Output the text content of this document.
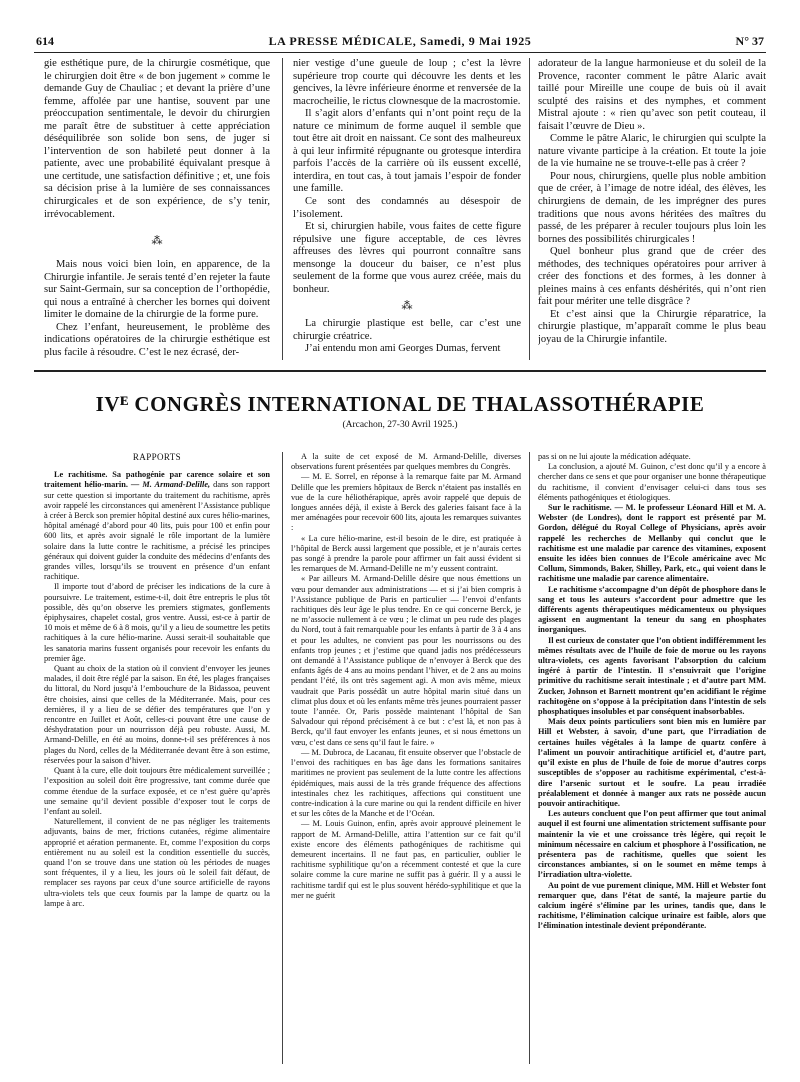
614	LA PRESSE MÉDICALE, Samedi, 9 Mai 1925	N° 37

gie esthétique pure, de la chirurgie cosmétique, que le chirurgien doit être « de bon jugement » comme le demande Guy de Chauliac ; et devant la prière d’une femme, affolée par une hantise, souvent par une préoccupation sentimentale, le devoir du chirurgien me paraît être de substituer à cette appréciation déséquilibrée son solide bon sens, de juger si l’intervention de son habileté peut donner à la patiente, avec une probabilité équivalant presque à une certitude, une satisfaction définitive ; et, une fois sa décision prise à la lumière de ses connaissances chirurgicales et de son expérience, de s’y tenir, irrévocablement.

⁂

Mais nous voici bien loin, en apparence, de la Chirurgie infantile. Je serais tenté d’en rejeter la faute sur Saint-Germain, sur sa conception de l’orthopédie, qui nous a entraîné à chercher les bornes qui doivent limiter le domaine de la chirurgie de la forme pure.

Chez l’enfant, heureusement, le problème des indications opératoires de la chirurgie esthétique est plus facile à résoudre. C’est le nez écrasé, der-

nier vestige d’une gueule de loup ; c’est la lèvre supérieure trop courte qui découvre les dents et les gencives, la lèvre inférieure énorme et renversée de la macrocheilie, le rictus clownesque de la macrostomie.

Il s’agit alors d’enfants qui n’ont point reçu de la nature ce minimum de forme auquel il semble que tout être ait droit en naissant. Ce sont des malheureux à qui leur infirmité répugnante ou grotesque interdira parfois l’accès de la carrière où ils eussent excellé, interdira, en tout cas, à tout jamais l’espoir de fonder une famille.

Ce sont des condamnés au désespoir de l’isolement.

Et si, chirurgien habile, vous faites de cette figure répulsive une figure acceptable, de ces lèvres affreuses des lèvres qui pourront connaître sans mensonge la douceur du baiser, ce n’est plus seulement de la forme que vous aurez créée, mais du bonheur.

⁂

La chirurgie plastique est belle, car c’est une chirurgie créatrice.

J’ai entendu mon ami Georges Dumas, fervent

adorateur de la langue harmonieuse et du soleil de la Provence, raconter comment le pâtre Alaric avait taillé pour Mireille une coupe de buis où il avait sculpté des raisins et des nymphes, et comment Mistral ajoute : « rien qu’avec son petit couteau, il faisait l’œuvre de Dieu ».

Comme le pâtre Alaric, le chirurgien qui sculpte la nature vivante participe à la création. Et toute la joie de la vie humaine ne se trouve-t-elle pas à créer ?

Pour nous, chirurgiens, quelle plus noble ambition que de créer, à l’image de notre idéal, des élèves, les chirurgiens de demain, de les imprégner des pures traditions que nous avons héritées des maîtres du passé, de les préparer à reculer toujours plus loin les bornes des possibilités chirurgicales !

Quel bonheur plus grand que de créer des méthodes, des techniques opératoires pour arriver à créer des fonctions et des formes, à les donner à pleines mains à ces enfants déshérités, qui n’ont rien fait pour mériter une telle disgrâce ?

Et c’est ainsi que la Chirurgie réparatrice, la chirurgie plastique, m’apparaît comme le plus beau joyau de la Chirurgie infantile.

IVᴱ CONGRÈS INTERNATIONAL DE THALASSOTHÉRAPIE
(Arcachon, 27-30 Avril 1925.)

RAPPORTS

Le rachitisme. Sa pathogénie par carence solaire et son traitement hélio-marin. — M. Armand-Delille, dans son rapport sur cette question si importante du traitement du rachitisme, après avoir rappelé les circonstances qui amenèrent l’Assistance publique à créer à Berck son premier hôpital destiné aux cures hélio-marines, hôpital aménagé d’abord pour 40 lits, puis pour 100 et enfin pour 600 lits, et après avoir signalé le rôle important de la lumière solaire dans la lutte contre le rachitisme, a précisé les principes généraux qui doivent guider la conduite des médecins d’enfants des grandes villes, lorsqu’ils se trouvent en présence d’un enfant rachitique.

Il importe tout d’abord de préciser les indications de la cure à poursuivre. Le traitement, estime-t-il, doit être entrepris le plus tôt possible, dès qu’on observe les premiers stigmates, gonflements épiphysaires, chapelet costal, gros ventre. Aussi, est-ce à partir de 10 mois et même de 6 à 8 mois, qu’il y a lieu de soumettre les petits rachitiques à la cure hélio-marine. Aussi serait-il souhaitable que les sanatoria marins fussent organisés pour recevoir les enfants du premier âge.

Quant au choix de la station où il convient d’envoyer les jeunes malades, il doit être réglé par la saison. En été, les plages françaises du littoral, du Nord jusqu’à l’embouchure de la Bidassoa, peuvent être choisies, ainsi que celles de la Méditerranée. Mais, pour ces dernières, il y a lieu de se défier des températures que l’on y rencontre en Juillet et Août, celles-ci pouvant être une cause de déshydratation pour un nourrisson déjà peu robuste. Aussi, M. Armand-Delille, en été au moins, donne-t-il ses préférences à nos plages du Nord, celles de la Méditerranée devant être à son estime, réservées pour la saison d’hiver.

Quant à la cure, elle doit toujours être médicalement surveillée ; l’exposition au soleil doit être progressive, tant comme durée que comme étendue de la surface exposée, et ce n’est guère qu’après une semaine qu’il devient possible d’exposer tout le corps de l’enfant au soleil.

Naturellement, il convient de ne pas négliger les traitements adjuvants, bains de mer, frictions cutanées, régime alimentaire approprié et aération permanente. Et, comme l’exposition du corps entièrement nu au soleil est la condition essentielle du succès, quand l’on se trouve dans une station où les périodes de nuages sont fréquentes, il y a lieu, les jours où le soleil fait défaut, de remplacer ses rayons par ceux d’une source artificielle de rayons ultra-violets tels que ceux fournis par la lampe de quartz ou la lampe à arc.

A la suite de cet exposé de M. Armand-Delille, diverses observations furent présentées par quelques membres du Congrès.

— M. E. Sorrel, en réponse à la remarque faite par M. Armand Delille que les premiers hôpitaux de Berck n’étaient pas installés en vue de la cure héliothérapique, après avoir rappelé que depuis de longues années déjà, il existe à Berck des galeries faisant face à la mer aménagées pour recevoir 600 lits, ajouta les remarques suivantes :

« La cure hélio-marine, est-il besoin de le dire, est pratiquée à l’hôpital de Berck aussi largement que possible, et je n’aurais certes pas songé à prendre la parole pour affirmer un fait aussi évident si les remarques de M. Armand-Delille ne m’y eussent contraint.

« Par ailleurs M. Armand-Delille désire que nous émettions un vœu pour demander aux administrations — et si j’ai bien compris à l’Assistance publique de Paris en particulier — l’envoi d’enfants rachitiques dès leur âge le plus tendre. En ce qui concerne Berck, je ne m’associe nullement à ce vœu ; le climat un peu rude des plages du Nord, tout à fait remarquable pour les enfants à partir de 3 à 4 ans et pour les adultes, ne convient pas pour les nourrissons ou des enfants trop jeunes ; et j’estime que quand jadis nos prédécesseurs ont demandé à l’Assistance publique de n’envoyer à Berck que des enfants âgés de 4 ans au moins pendant l’hiver, et de 2 ans au moins pendant l’été, ils ont très sagement agi. A mon avis même, mieux vaudrait que Paris possédât un autre hôpital marin situé dans un climat plus doux et où les enfants même très jeunes pourraient passer toute l’année. Or, Paris possède maintenant l’hôpital de San Salvadour qui répond précisément à ce but : c’est là, et non pas à Berck, qu’il faut envoyer les enfants jeunes, et si nous émettons un vœu, c’est dans ce sens qu’il faut le faire. »

— M. Dubroca, de Lacanau, fit ensuite observer que l’obstacle de l’envoi des rachitiques en bas âge dans les formations sanitaires maritimes ne provient pas seulement de la lutte contre les affections épidémiques, mais aussi de la très grande fréquence des affections intestinales chez les rachitiques, affections qui constituent une contre-indication à la cure marine ou qui la rendent difficile en hiver et sur les côtes de la Manche et de l’Océan.

— M. Louis Guinon, enfin, après avoir approuvé pleinement le rapport de M. Armand-Delille, attira l’attention sur ce fait qu’il existe encore des éléments pathogéniques de rachitisme qui demeurent incertains. Il ne faut pas, en particulier, oublier le rachitisme syphilitique qu’on a récemment contesté et que la cure solaire comme la cure marine ne suffit pas à guérir. Il y a aussi le rachitisme tardif qui est le plus souvent hérédo-syphilitique et que la mer ne guérit

pas si on ne lui ajoute la médication adéquate.

La conclusion, a ajouté M. Guinon, c’est donc qu’il y a encore à chercher dans ce sens et que pour organiser une bonne thérapeutique du rachitisme, il convient d’envisager celui-ci dans tous ses éléments pathogéniques et étiologiques.

Sur le rachitisme. — M. le professeur Léonard Hill et M. A. Webster (de Londres), dont le rapport est présenté par M. Gordon, délégué du Royal College of Physicians, après avoir rappelé les recherches de Mellanby qui conclut que le rachitisme est une maladie par carence des vitamines, exposent ensuite les idées bien connues de l’Ecole américaine avec Mc Collum, Simmonds, Baker, Shilley, Park, etc., qui voient dans le rachitisme une maladie par carence alimentaire.

Le rachitisme s’accompagne d’un dépôt de phosphore dans le sang et tous les auteurs s’accordent pour admettre que les différents agents thérapeutiques médicamenteux ou physiques agissent en augmentant la teneur du sang en phosphates inorganiques.

Il est curieux de constater que l’on obtient indifféremment les mêmes résultats avec de l’huile de foie de morue ou les rayons ultra-violets, ces agents favorisant l’absorption du calcium ingéré à partir de l’intestin. Il s’ensuivrait que l’origine primitive du rachitisme serait intestinale ; et d’autre part MM. Zucker, Johnson et Barnett montrent qu’en acidifiant le régime rachitogène on s’oppose à la précipitation dans l’intestin de sels phosphatiques insolubles et par conséquent inabsorbables.

Mais deux points particuliers sont bien mis en lumière par Hill et Webster, à savoir, d’une part, que l’irradiation de certaines huiles végétales à la lampe de quartz confère à l’aliment un pouvoir antirachitique artificiel et, d’autre part, qu’il existe en plus de l’huile de foie de morue d’autres corps susceptibles de s’opposer au rachitisme expérimental, c’est-à-dire l’arsenic surtout et le soufre. La peau irradiée préalablement et donnée à manger aux rats ne possède aucun pouvoir antirachitique.

Les auteurs concluent que l’on peut affirmer que tout animal auquel il est fourni une alimentation strictement suffisante pour maintenir la vie et une croissance très légère, qui reçoit le minimum nécessaire en calcium et phosphore à l’ossification, ne présentera pas de rachitisme, quelles que soient les circonstances ambiantes, si on le soumet en même temps à l’irradiation ultra-violette.

Au point de vue purement clinique, MM. Hill et Webster font remarquer que, dans l’état de santé, la majeure partie du calcium ingéré s’élimine par les urines, tandis que, dans le rachitisme, l’élimination calcique urinaire est faible, alors que l’élimination intestinale devient prépondérante.
